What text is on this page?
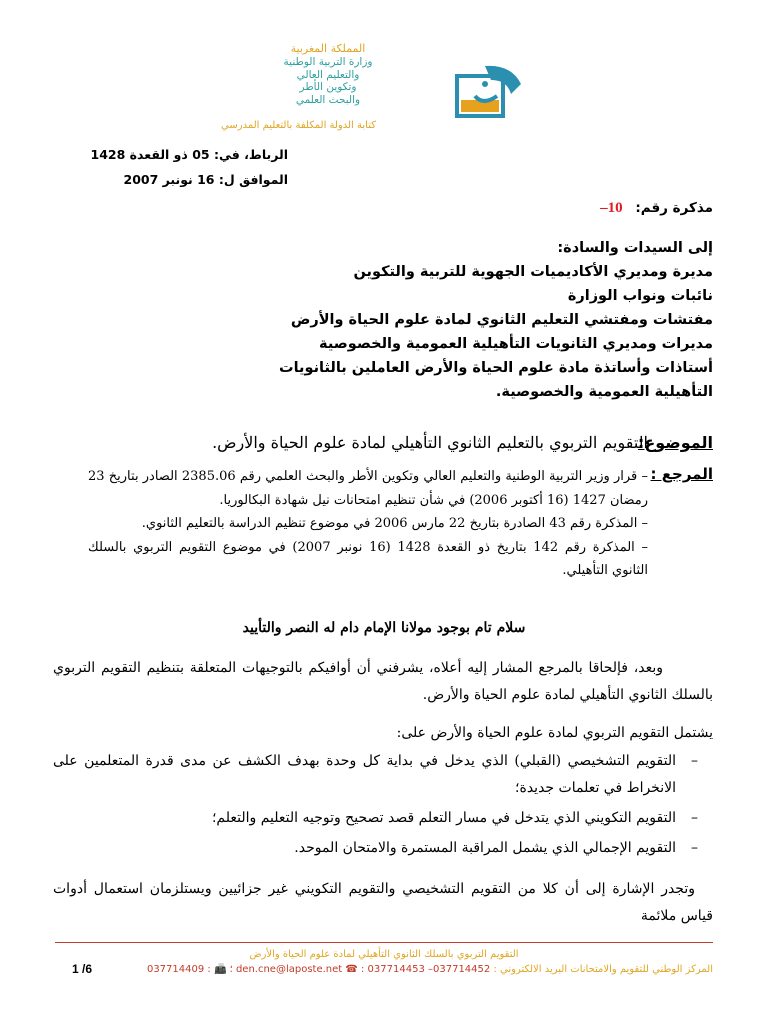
المملكة المغربية
وزارة التربية الوطنية
والتعليم العالي
وتكوين الأطر
والبحث العلمي
كتابة الدولة المكلفة بالتعليم المدرسي
الرباط، في: 05 ذو القعدة 1428
الموافق ل: 16 نونبر 2007
مذكرة رقم: 10–
إلى السيدات والسادة:
مديرة ومديري الأكاديميات الجهوية للتربية والتكوين
نائبات ونواب الوزارة
مفتشات ومفتشي التعليم الثانوي لمادة علوم الحياة والأرض
مديرات ومديري الثانويات التأهيلية العمومية والخصوصية
أستاذات وأساتذة مادة علوم الحياة والأرض العاملين بالثانويات
التأهيلية العمومية والخصوصية.
الموضوع:
التقويم التربوي بالتعليم الثانوي التأهيلي لمادة علوم الحياة والأرض.
المرجع :

– قرار وزير التربية الوطنية والتعليم العالي وتكوين الأطر والبحث العلمي رقم 2385.06 الصادر بتاريخ 23 رمضان 1427 (16 أكتوبر 2006) في شأن تنظيم امتحانات نيل شهادة البكالوريا.

– المذكرة رقم 43 الصادرة بتاريخ 22 مارس 2006 في موضوع تنظيم الدراسة بالتعليم الثانوي.

– المذكرة رقم 142 بتاريخ ذو القعدة 1428 (16 نونبر 2007) في موضوع التقويم التربوي بالسلك الثانوي التأهيلي.

سلام تام بوجود مولانا الإمام دام له النصر والتأييد

وبعد، فإلحاقا بالمرجع المشار إليه أعلاه، يشرفني أن أوافيكم بالتوجيهات المتعلقة بتنظيم التقويم التربوي بالسلك الثانوي التأهيلي لمادة علوم الحياة والأرض.

يشتمل التقويم التربوي لمادة علوم الحياة والأرض على:

– التقويم التشخيصي (القبلي) الذي يدخل في بداية كل وحدة بهدف الكشف عن مدى قدرة المتعلمين على الانخراط في تعلمات جديدة؛
– التقويم التكويني الذي يتدخل في مسار التعلم قصد تصحيح وتوجيه التعليم والتعلم؛
– التقويم الإجمالي الذي يشمل المراقبة المستمرة والامتحان الموحد.

وتجدر الإشارة إلى أن كلا من التقويم التشخيصي والتقويم التكويني غير جزائيين ويستلزمان استعمال أدوات قياس ملائمة

التقويم التربوي بالسلك الثانوي التأهيلي لمادة علوم الحياة والأرض
المركز الوطني للتقويم والامتحانات البريد الالكتروني : den.cne@laposte.net ☎ : 037714453 –037714452 ؛ 📠 : 037714409
1 /6
